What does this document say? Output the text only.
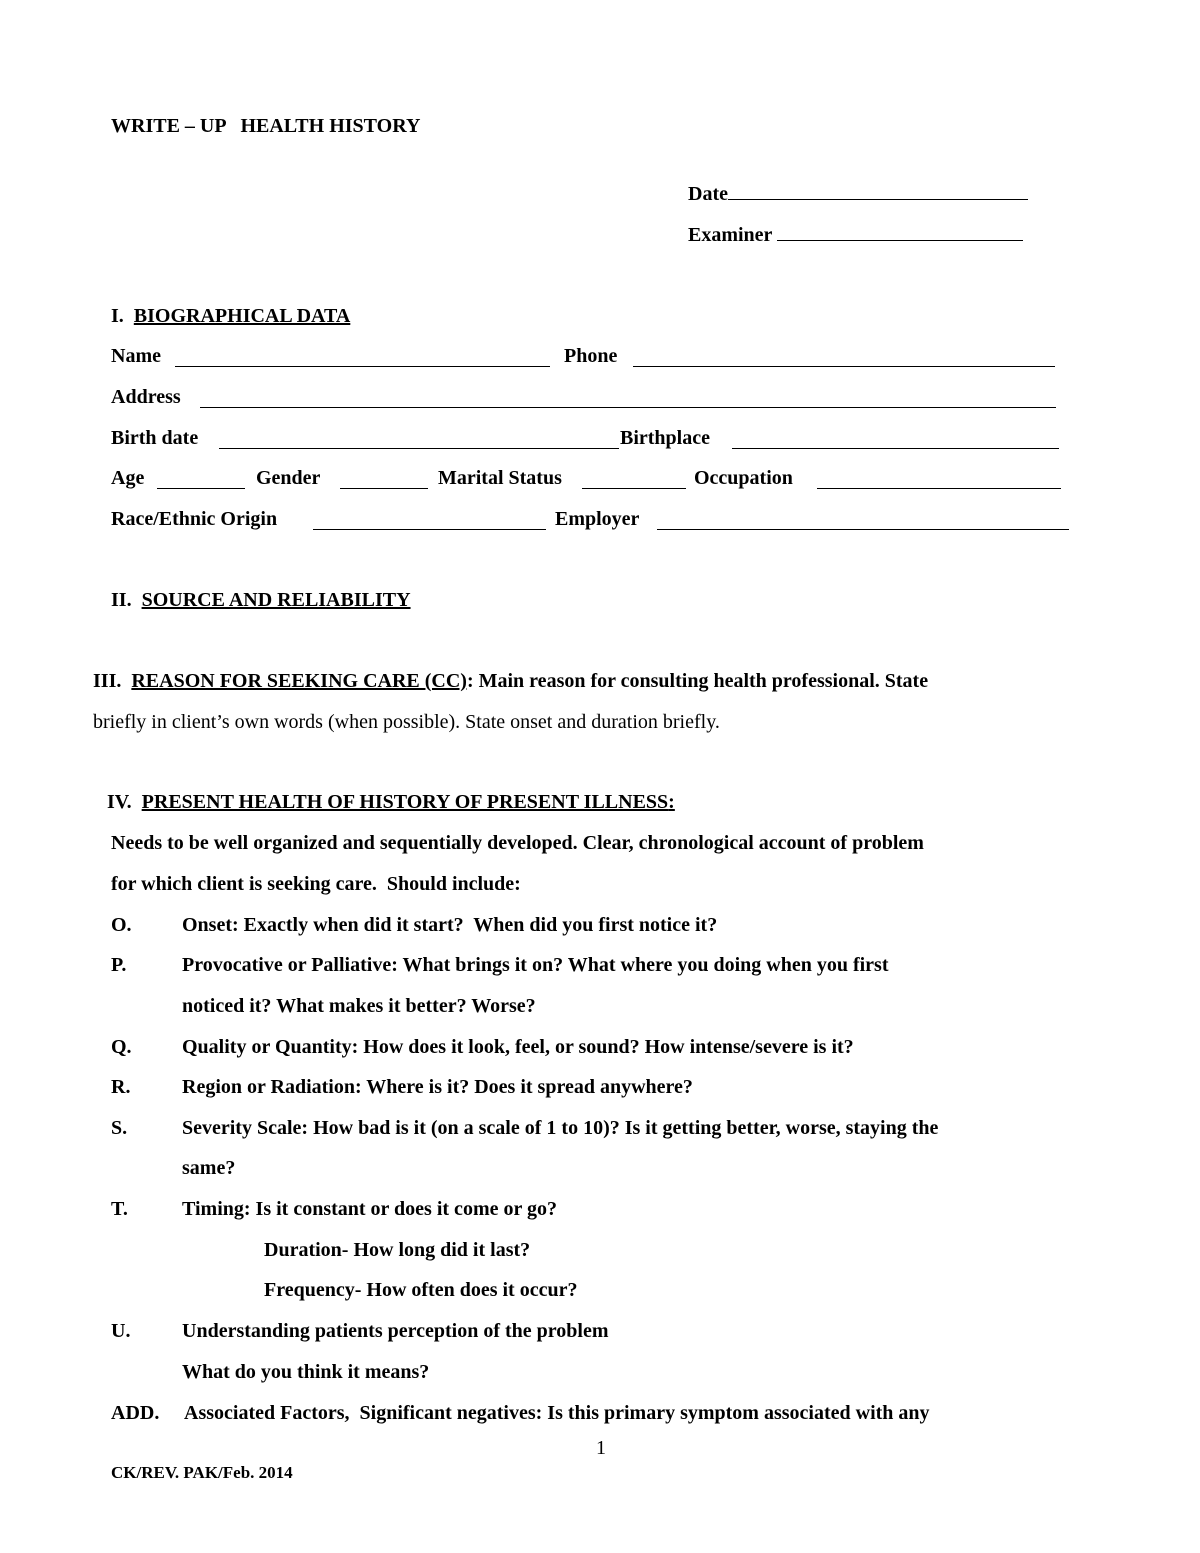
WRITE – UP   HEALTH HISTORY
Date
Examiner
I. BIOGRAPHICAL DATA
Name	Phone
Address
Birth date	Birthplace
Age	Gender	Marital Status	Occupation
Race/Ethnic Origin	Employer
II. SOURCE AND RELIABILITY
III. REASON FOR SEEKING CARE (CC): Main reason for consulting health professional. State
briefly in client’s own words (when possible). State onset and duration briefly.
IV. PRESENT HEALTH OF HISTORY OF PRESENT ILLNESS:
Needs to be well organized and sequentially developed. Clear, chronological account of problem
for which client is seeking care.  Should include:
O.	Onset: Exactly when did it start?  When did you first notice it?
P.	Provocative or Palliative: What brings it on? What where you doing when you first
noticed it? What makes it better? Worse?
Q.	Quality or Quantity: How does it look, feel, or sound? How intense/severe is it?
R.	Region or Radiation: Where is it? Does it spread anywhere?
S.	Severity Scale: How bad is it (on a scale of 1 to 10)? Is it getting better, worse, staying the
same?
T.	Timing: Is it constant or does it come or go?
Duration- How long did it last?
Frequency- How often does it occur?
U.	Understanding patients perception of the problem
What do you think it means?
ADD. Associated Factors,  Significant negatives: Is this primary symptom associated with any
1
CK/REV. PAK/Feb. 2014
